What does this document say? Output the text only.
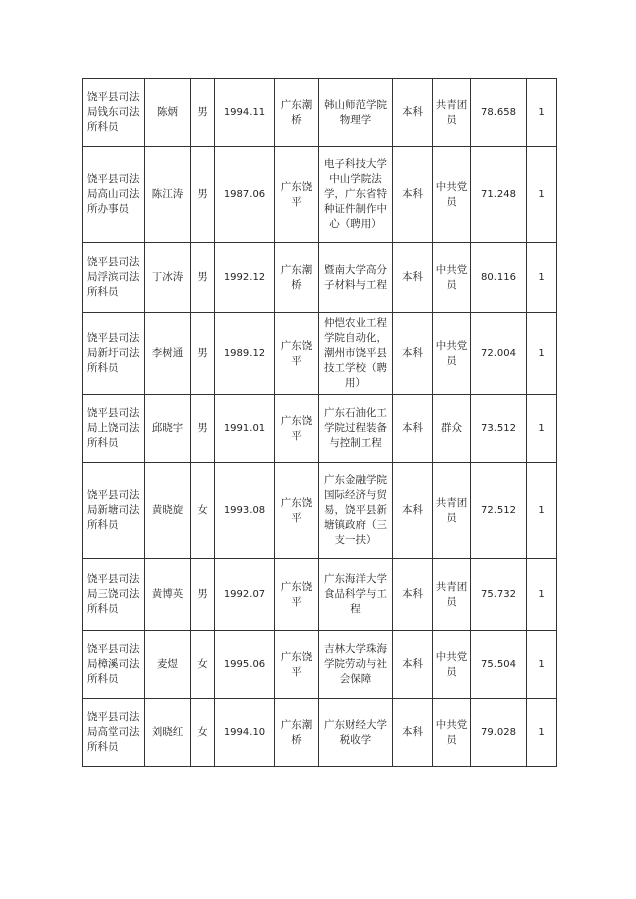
饶平县司法局钱东司法所科员	陈炳	男	1994.11	广东潮桥	韩山师范学院物理学	本科	共青团员	78.658	1
饶平县司法局高山司法所办事员	陈江涛	男	1987.06	广东饶平	电子科技大学中山学院法学，广东省特种证件制作中心（聘用）	本科	中共党员	71.248	1
饶平县司法局浮滨司法所科员	丁冰涛	男	1992.12	广东潮桥	暨南大学高分子材料与工程	本科	中共党员	80.116	1
饶平县司法局新圩司法所科员	李树通	男	1989.12	广东饶平	仲恺农业工程学院自动化，潮州市饶平县技工学校（聘用）	本科	中共党员	72.004	1
饶平县司法局上饶司法所科员	邱晓宇	男	1991.01	广东饶平	广东石油化工学院过程装备与控制工程	本科	群众	73.512	1
饶平县司法局新塘司法所科员	黄晓旋	女	1993.08	广东饶平	广东金融学院国际经济与贸易，饶平县新塘镇政府（三支一扶）	本科	共青团员	72.512	1
饶平县司法局三饶司法所科员	黄博英	男	1992.07	广东饶平	广东海洋大学食品科学与工程	本科	共青团员	75.732	1
饶平县司法局樟溪司法所科员	麦煜	女	1995.06	广东饶平	吉林大学珠海学院劳动与社会保障	本科	中共党员	75.504	1
饶平县司法局高堂司法所科员	刘晓红	女	1994.10	广东潮桥	广东财经大学税收学	本科	中共党员	79.028	1
